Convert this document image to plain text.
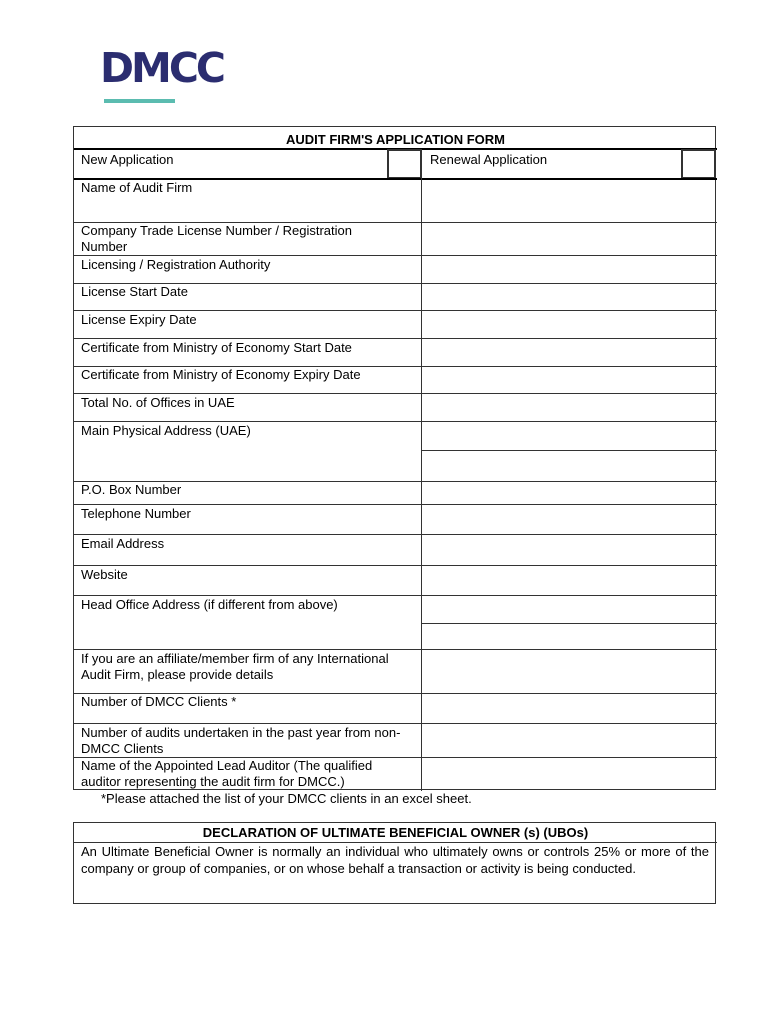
DMCC
AUDIT FIRM'S APPLICATION FORM
New Application	Renewal Application
Name of Audit Firm
Company Trade License Number / Registration Number
Licensing / Registration Authority
License Start Date
License Expiry Date
Certificate from Ministry of Economy Start Date
Certificate from Ministry of Economy Expiry Date
Total No. of Offices in UAE
Main Physical Address (UAE)
P.O. Box Number
Telephone Number
Email Address
Website
Head Office Address (if different from above)
If you are an affiliate/member firm of any International Audit Firm, please provide details
Number of DMCC Clients *
Number of audits undertaken in the past year from non-DMCC Clients
Name of the Appointed Lead Auditor (The qualified auditor representing the audit firm for DMCC.)
*Please attached the list of your DMCC clients in an excel sheet.
DECLARATION OF ULTIMATE BENEFICIAL OWNER (s) (UBOs)
An Ultimate Beneficial Owner is normally an individual who ultimately owns or controls 25% or more of the company or group of companies, or on whose behalf a transaction or activity is being conducted.
